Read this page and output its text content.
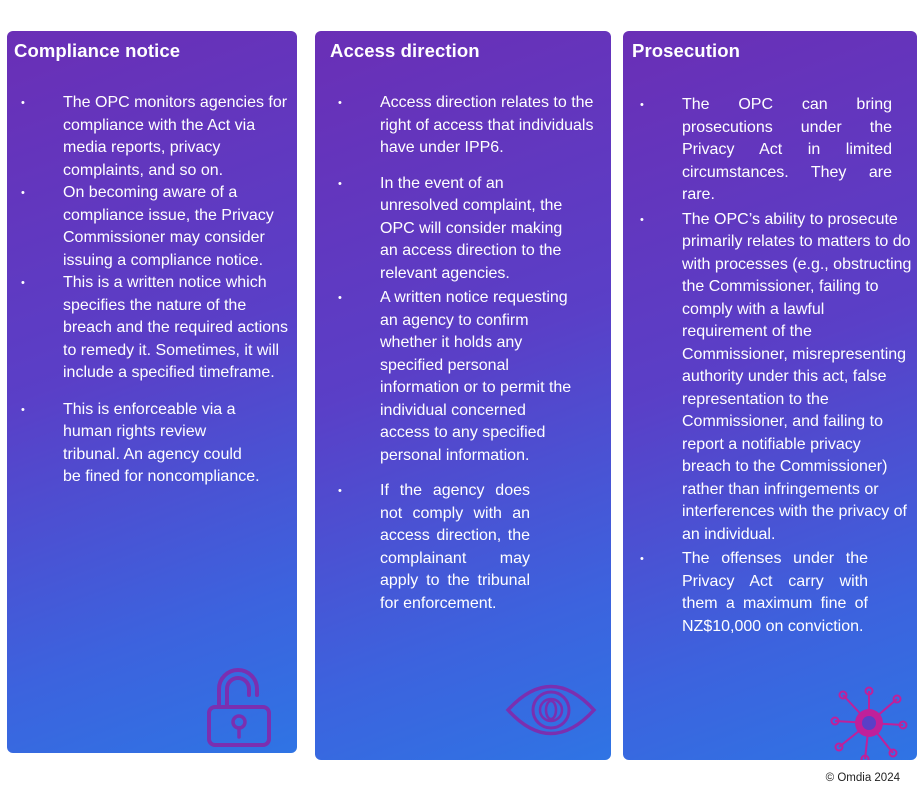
Compliance notice
• The OPC monitors agencies for compliance with the Act via media reports, privacy complaints, and so on.
• On becoming aware of a compliance issue, the Privacy Commissioner may consider issuing a compliance notice.
• This is a written notice which specifies the nature of the breach and the required actions to remedy it. Sometimes, it will include a specified timeframe.
• This is enforceable via a human rights review tribunal. An agency could be fined for noncompliance.
Access direction
• Access direction relates to the right of access that individuals have under IPP6.
• In the event of an unresolved complaint, the OPC will consider making an access direction to the relevant agencies.
• A written notice requesting an agency to confirm whether it holds any specified personal information or to permit the individual concerned access to any specified personal information.
• If the agency does not comply with an access direction, the complainant may apply to the tribunal for enforcement.
Prosecution
• The OPC can bring prosecutions under the Privacy Act in limited circumstances. They are rare.
• The OPC’s ability to prosecute primarily relates to matters to do with processes (e.g., obstructing the Commissioner, failing to comply with a lawful requirement of the Commissioner, misrepresenting authority under this act, false representation to the Commissioner, and failing to report a notifiable privacy breach to the Commissioner) rather than infringements or interferences with the privacy of an individual.
• The offenses under the Privacy Act carry with them a maximum fine of NZ$10,000 on conviction.
© Omdia 2024
